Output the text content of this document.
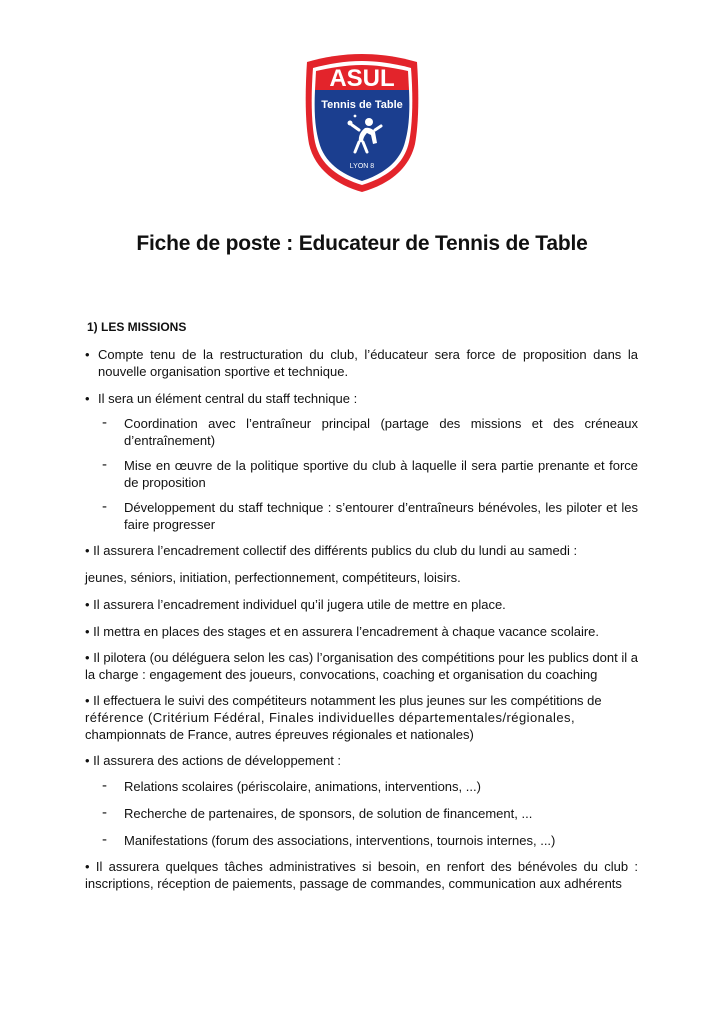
ASUL
Tennis de Table
LYON 8
Fiche de poste : Educateur de Tennis de Table
1) LES MISSIONS
• Compte tenu de la restructuration du club, l’éducateur sera force de proposition dans la nouvelle organisation sportive et technique.
• Il sera un élément central du staff technique :
- Coordination avec l’entraîneur principal (partage des missions et des créneaux d’entraînement)
- Mise en œuvre de la politique sportive du club à laquelle il sera partie prenante et force de proposition
- Développement du staff technique : s’entourer d’entraîneurs bénévoles, les piloter et les faire progresser

• Il assurera l’encadrement collectif des différents publics du club du lundi au samedi :

jeunes, séniors, initiation, perfectionnement, compétiteurs, loisirs.

• Il assurera l’encadrement individuel qu’il jugera utile de mettre en place.

• Il mettra en places des stages et en assurera l’encadrement à chaque vacance scolaire.

• Il pilotera (ou déléguera selon les cas) l’organisation des compétitions pour les publics dont il a la charge : engagement des joueurs, convocations, coaching et organisation du coaching

• Il effectuera le suivi des compétiteurs notamment les plus jeunes sur les compétitions de
référence (Critérium Fédéral, Finales individuelles départementales/régionales,
championnats de France, autres épreuves régionales et nationales)

• Il assurera des actions de développement :

- Relations scolaires (périscolaire, animations, interventions, ...)
- Recherche de partenaires, de sponsors, de solution de financement, ...
- Manifestations (forum des associations, interventions, tournois internes, ...)

• Il assurera quelques tâches administratives si besoin, en renfort des bénévoles du club : inscriptions, réception de paiements, passage de commandes, communication aux adhérents
